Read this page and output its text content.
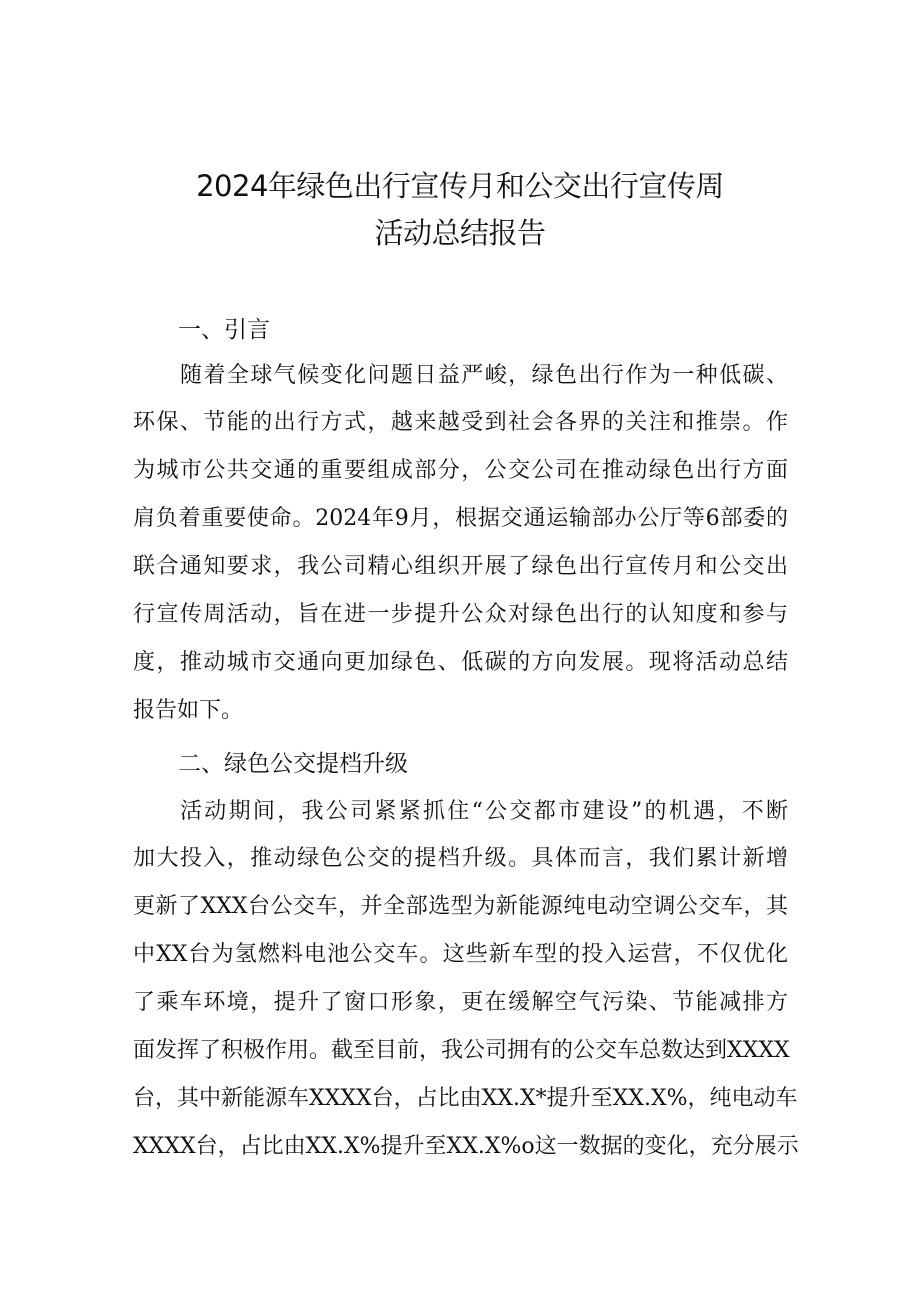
2024年绿色出行宣传月和公交出行宣传周
活动总结报告
一、引言
随着全球气候变化问题日益严峻，绿色出行作为一种低碳、
环保、节能的出行方式，越来越受到社会各界的关注和推崇。作
为城市公共交通的重要组成部分，公交公司在推动绿色出行方面
肩负着重要使命。2024年9月，根据交通运输部办公厅等6部委的
联合通知要求，我公司精心组织开展了绿色出行宣传月和公交出
行宣传周活动，旨在进一步提升公众对绿色出行的认知度和参与
度，推动城市交通向更加绿色、低碳的方向发展。现将活动总结
报告如下。
二、绿色公交提档升级
活动期间，我公司紧紧抓住“公交都市建设”的机遇，不断
加大投入，推动绿色公交的提档升级。具体而言，我们累计新增
更新了XXX台公交车，并全部选型为新能源纯电动空调公交车，其
中XX台为氢燃料电池公交车。这些新车型的投入运营，不仅优化
了乘车环境，提升了窗口形象，更在缓解空气污染、节能减排方
面发挥了积极作用。截至目前，我公司拥有的公交车总数达到XXXX
台，其中新能源车XXXX台，占比由XX.X*提升至XX.X%，纯电动车
XXXX台，占比由XX.X%提升至XX.X%o这一数据的变化，充分展示
